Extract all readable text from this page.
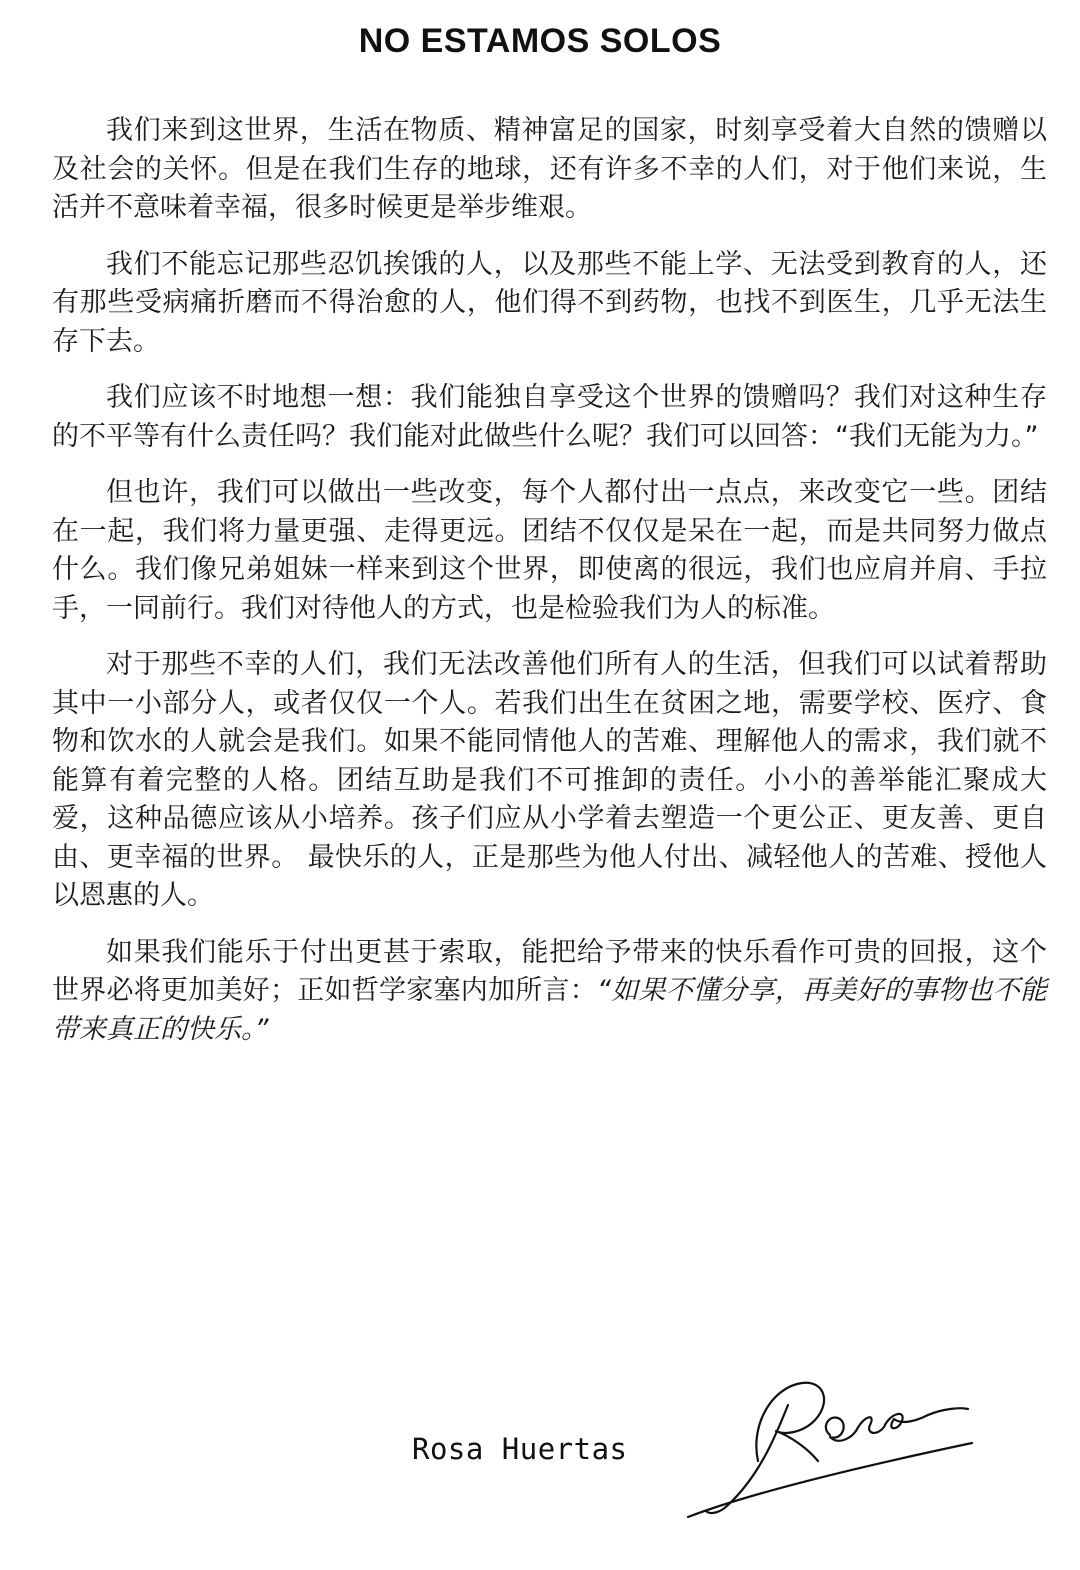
NO ESTAMOS SOLOS

我们来到这世界，生活在物质、精神富足的国家，时刻享受着大自然的馈赠以及社会的关怀。但是在我们生存的地球，还有许多不幸的人们，对于他们来说，生活并不意味着幸福，很多时候更是举步维艰。

我们不能忘记那些忍饥挨饿的人，以及那些不能上学、无法受到教育的人，还有那些受病痛折磨而不得治愈的人，他们得不到药物，也找不到医生，几乎无法生存下去。

我们应该不时地想一想：我们能独自享受这个世界的馈赠吗？我们对这种生存的不平等有什么责任吗？我们能对此做些什么呢？我们可以回答：“我们无能为力。”

但也许，我们可以做出一些改变，每个人都付出一点点，来改变它一些。团结在一起，我们将力量更强、走得更远。团结不仅仅是呆在一起，而是共同努力做点什么。我们像兄弟姐妹一样来到这个世界，即使离的很远，我们也应肩并肩、手拉手，一同前行。我们对待他人的方式，也是检验我们为人的标准。

对于那些不幸的人们，我们无法改善他们所有人的生活，但我们可以试着帮助其中一小部分人，或者仅仅一个人。若我们出生在贫困之地，需要学校、医疗、食物和饮水的人就会是我们。如果不能同情他人的苦难、理解他人的需求，我们就不能算有着完整的人格。团结互助是我们不可推卸的责任。小小的善举能汇聚成大爱，这种品德应该从小培养。孩子们应从小学着去塑造一个更公正、更友善、更自由、更幸福的世界。 最快乐的人，正是那些为他人付出、减轻他人的苦难、授他人以恩惠的人。

如果我们能乐于付出更甚于索取，能把给予带来的快乐看作可贵的回报，这个世界必将更加美好；正如哲学家塞内加所言：“如果不懂分享，再美好的事物也不能带来真正的快乐。”

Rosa Huertas
